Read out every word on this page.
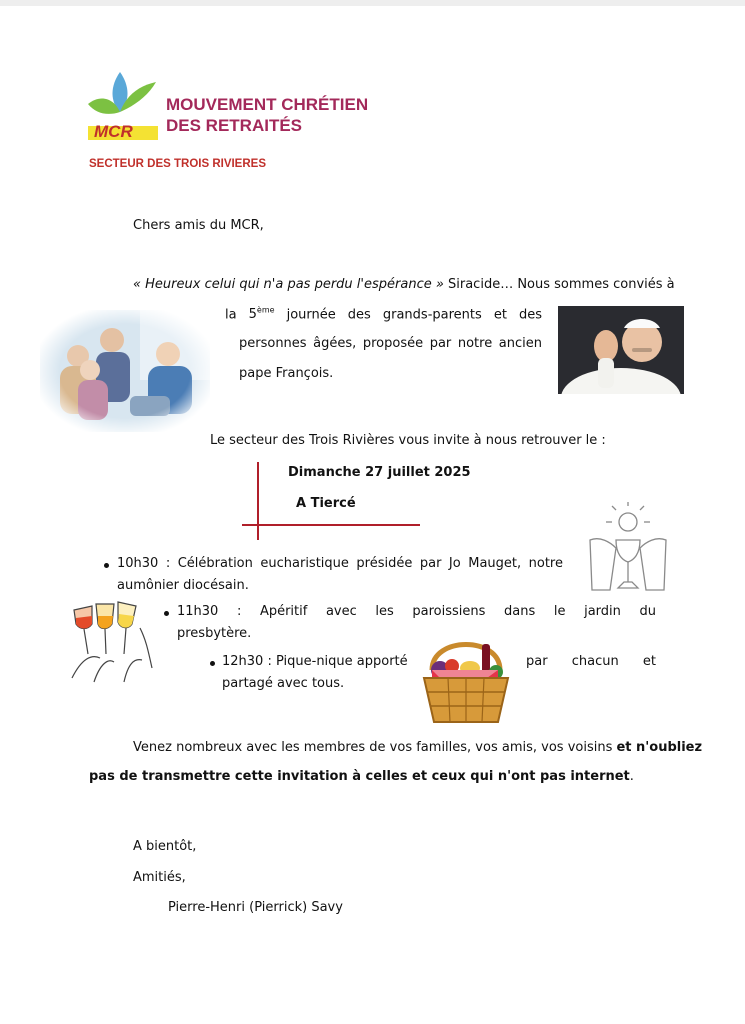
MCR
MOUVEMENT CHRÉTIEN
DES RETRAITÉS
SECTEUR DES TROIS RIVIERES
Chers amis du MCR,
« Heureux celui qui n'a pas perdu l'espérance » Siracide… Nous sommes conviés à
la 5ème journée des grands-parents et des
personnes âgées, proposée par notre ancien
pape François.
Le secteur des Trois Rivières vous invite à nous retrouver le :
Dimanche 27 juillet 2025
A Tiercé
10h30 : Célébration eucharistique présidée par Jo Mauget, notre
aumônier diocésain.
11h30 : Apéritif avec les paroissiens dans le jardin du
presbytère.
12h30 : Pique-nique apporté	par chacun et
partagé avec tous.
Venez nombreux avec les membres de vos familles, vos amis, vos voisins et n'oubliez
pas de transmettre cette invitation à celles et ceux qui n'ont pas internet.
A bientôt,
Amitiés,
Pierre-Henri (Pierrick) Savy
